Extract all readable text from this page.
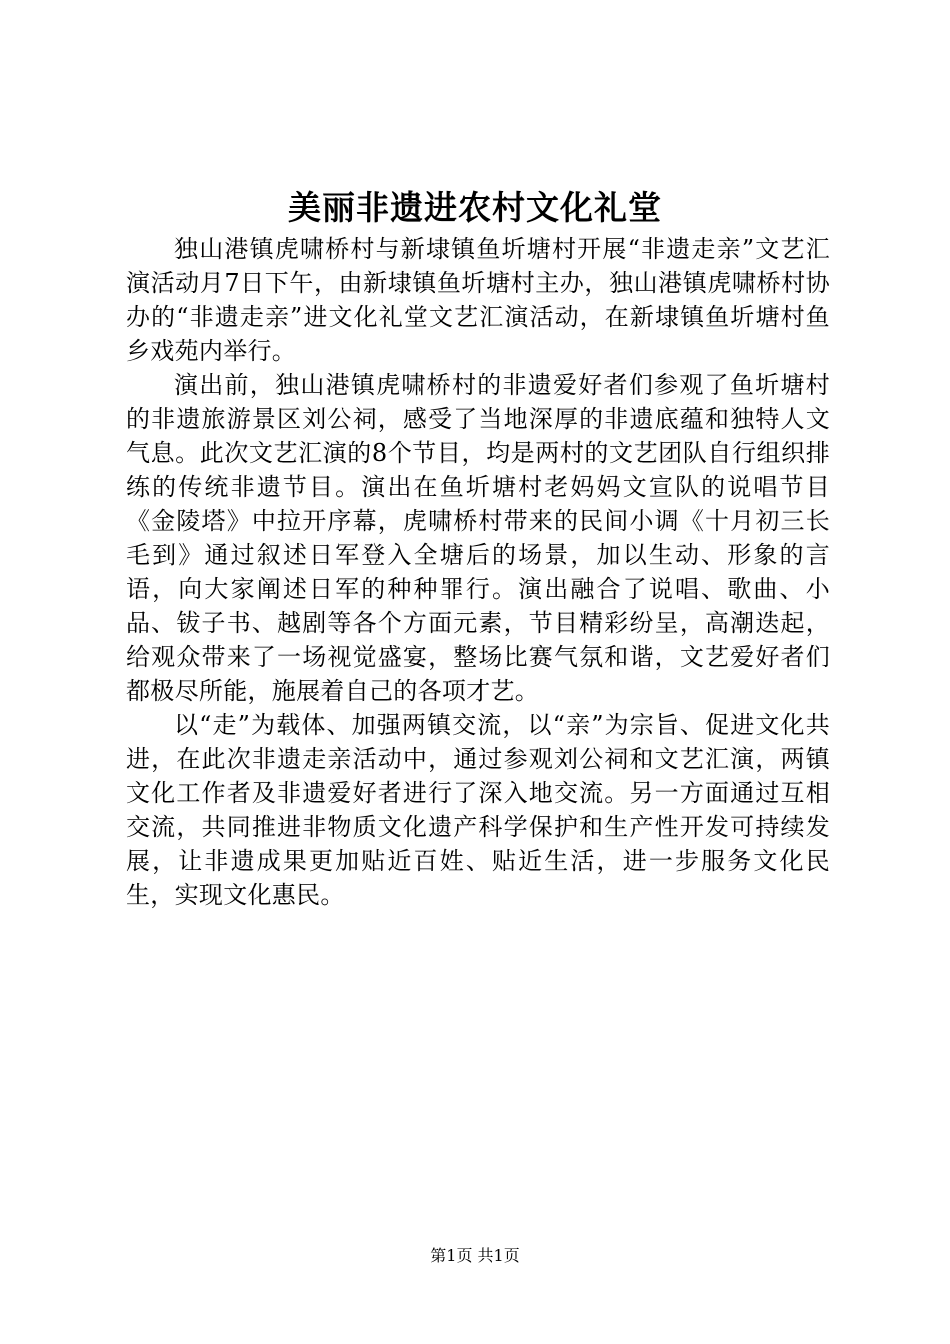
美丽非遗进农村文化礼堂

独山港镇虎啸桥村与新埭镇鱼圻塘村开展“非遗走亲”文艺汇演活动月7日下午，由新埭镇鱼圻塘村主办，独山港镇虎啸桥村协办的“非遗走亲”进文化礼堂文艺汇演活动，在新埭镇鱼圻塘村鱼乡戏苑内举行。

演出前，独山港镇虎啸桥村的非遗爱好者们参观了鱼圻塘村的非遗旅游景区刘公祠，感受了当地深厚的非遗底蕴和独特人文气息。此次文艺汇演的8个节目，均是两村的文艺团队自行组织排练的传统非遗节目。演出在鱼圻塘村老妈妈文宣队的说唱节目《金陵塔》中拉开序幕，虎啸桥村带来的民间小调《十月初三长毛到》通过叙述日军登入全塘后的场景，加以生动、形象的言语，向大家阐述日军的种种罪行。演出融合了说唱、歌曲、小品、钹子书、越剧等各个方面元素，节目精彩纷呈，高潮迭起，给观众带来了一场视觉盛宴，整场比赛气氛和谐，文艺爱好者们都极尽所能，施展着自己的各项才艺。

以“走”为载体、加强两镇交流，以“亲”为宗旨、促进文化共进，在此次非遗走亲活动中，通过参观刘公祠和文艺汇演，两镇文化工作者及非遗爱好者进行了深入地交流。另一方面通过互相交流，共同推进非物质文化遗产科学保护和生产性开发可持续发展，让非遗成果更加贴近百姓、贴近生活，进一步服务文化民生，实现文化惠民。

第1页 共1页
